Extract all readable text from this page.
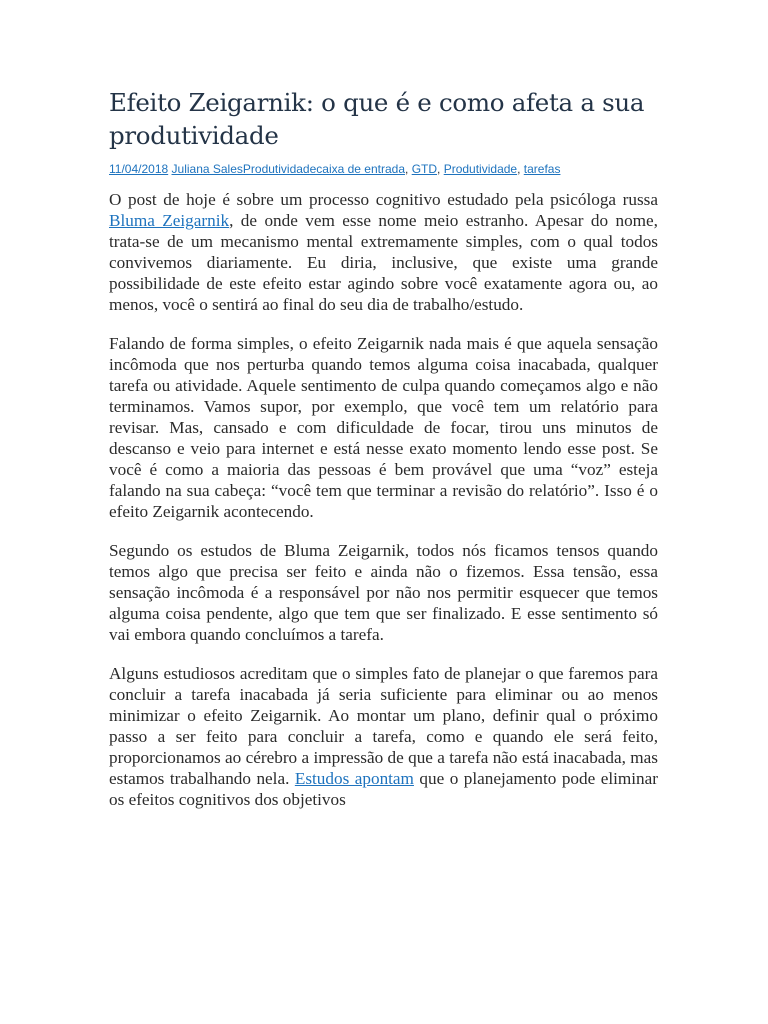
Efeito Zeigarnik: o que é e como afeta a sua produtividade
11/04/2018 Juliana SalesProdutividadecaixa de entrada, GTD, Produtividade, tarefas

O post de hoje é sobre um processo cognitivo estudado pela psicóloga russa Bluma Zeigarnik, de onde vem esse nome meio estranho. Apesar do nome, trata-se de um mecanismo mental extremamente simples, com o qual todos convivemos diariamente. Eu diria, inclusive, que existe uma grande possibilidade de este efeito estar agindo sobre você exatamente agora ou, ao menos, você o sentirá ao final do seu dia de trabalho/estudo.

Falando de forma simples, o efeito Zeigarnik nada mais é que aquela sensação incômoda que nos perturba quando temos alguma coisa inacabada, qualquer tarefa ou atividade. Aquele sentimento de culpa quando começamos algo e não terminamos. Vamos supor, por exemplo, que você tem um relatório para revisar. Mas, cansado e com dificuldade de focar, tirou uns minutos de descanso e veio para internet e está nesse exato momento lendo esse post. Se você é como a maioria das pessoas é bem provável que uma “voz” esteja falando na sua cabeça: “você tem que terminar a revisão do relatório”. Isso é o efeito Zeigarnik acontecendo.

Segundo os estudos de Bluma Zeigarnik, todos nós ficamos tensos quando temos algo que precisa ser feito e ainda não o fizemos. Essa tensão, essa sensação incômoda é a responsável por não nos permitir esquecer que temos alguma coisa pendente, algo que tem que ser finalizado. E esse sentimento só vai embora quando concluímos a tarefa.

Alguns estudiosos acreditam que o simples fato de planejar o que faremos para concluir a tarefa inacabada já seria suficiente para eliminar ou ao menos minimizar o efeito Zeigarnik. Ao montar um plano, definir qual o próximo passo a ser feito para concluir a tarefa, como e quando ele será feito, proporcionamos ao cérebro a impressão de que a tarefa não está inacabada, mas estamos trabalhando nela. Estudos apontam que o planejamento pode eliminar os efeitos cognitivos dos objetivos
